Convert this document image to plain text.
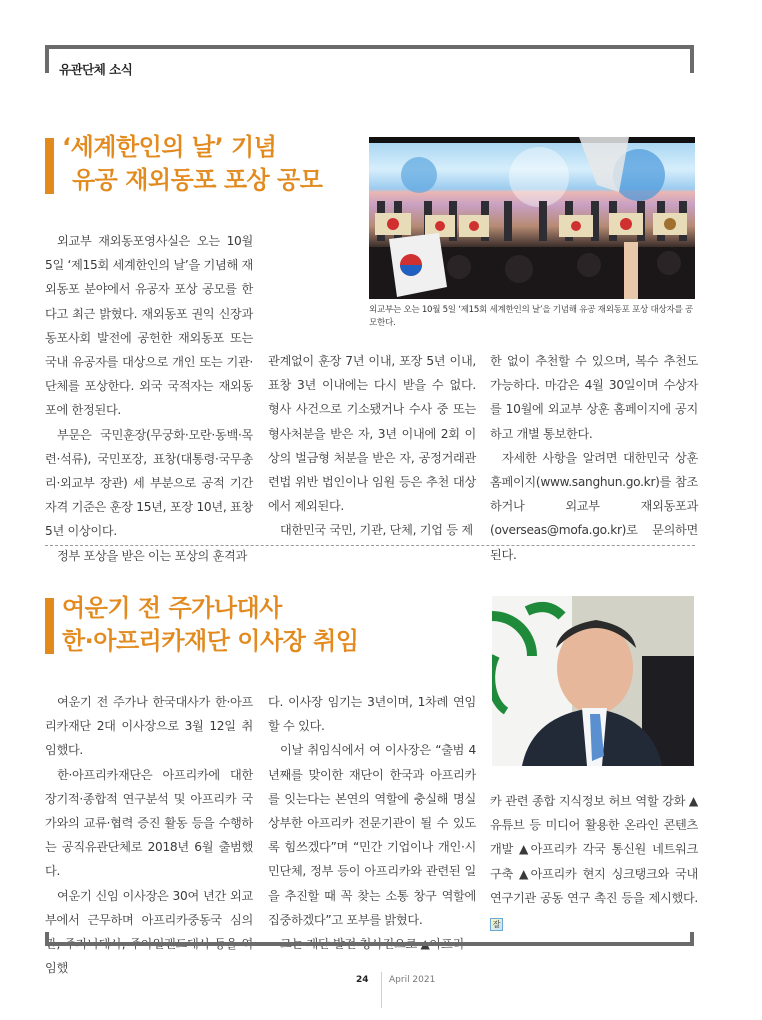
유관단체 소식
‘세계한인의 날’ 기념
유공 재외동포 포상 공모
외교부는 오는 10월 5일 ‘제15회 세계한인의 날’을 기념해 유공 재외동포 포상 대상자를 공모한다.

외교부 재외동포영사실은 오는 10월 5일 ‘제15회 세계한인의 날’을 기념해 재외동포 분야에서 유공자 포상 공모를 한다고 최근 밝혔다. 재외동포 권익 신장과 동포사회 발전에 공헌한 재외동포 또는 국내 유공자를 대상으로 개인 또는 기관·단체를 포상한다. 외국 국적자는 재외동포에 한정된다.

부문은 국민훈장(무궁화·모란·동백·목련·석류), 국민포장, 표창(대통령·국무총리·외교부 장관) 세 부분으로 공적 기간 자격 기준은 훈장 15년, 포장 10년, 표창 5년 이상이다.

정부 포상을 받은 이는 포상의 훈격과

관계없이 훈장 7년 이내, 포장 5년 이내, 표창 3년 이내에는 다시 받을 수 없다. 형사 사건으로 기소됐거나 수사 중 또는 형사처분을 받은 자, 3년 이내에 2회 이상의 벌금형 처분을 받은 자, 공정거래관련법 위반 법인이나 임원 등은 추천 대상에서 제외된다.

대한민국 국민, 기관, 단체, 기업 등 제

한 없이 추천할 수 있으며, 복수 추천도 가능하다. 마감은 4월 30일이며 수상자를 10월에 외교부 상훈 홈페이지에 공지하고 개별 통보한다.

자세한 사항을 알려면 대한민국 상훈 홈페이지(www.sanghun.go.kr)를 참조하거나 외교부 재외동포과(overseas@mofa.go.kr)로 문의하면 된다.

여운기 전 주가나대사
한·아프리카재단 이사장 취임

여운기 전 주가나 한국대사가 한·아프리카재단 2대 이사장으로 3월 12일 취임했다.

한·아프리카재단은 아프리카에 대한 장기적·종합적 연구분석 및 아프리카 국가와의 교류·협력 증진 활동 등을 수행하는 공직유관단체로 2018년 6월 출범했다.

여운기 신임 이사장은 30여 년간 외교부에서 근무하며 아프리카중동국 심의관, 주가나대사, 주아일랜드대사 등을 역임했

다. 이사장 임기는 3년이며, 1차례 연임할 수 있다.

이날 취임식에서 여 이사장은 “출범 4년째를 맞이한 재단이 한국과 아프리카를 잇는다는 본연의 역할에 충실해 명실상부한 아프리카 전문기관이 될 수 있도록 힘쓰겠다”며 “민간 기업이나 개인·시민단체, 정부 등이 아프리카와 관련된 일을 추진할 때 꼭 찾는 소통 창구 역할에 집중하겠다”고 포부를 밝혔다.

그는 재단 발전 청사진으로 ▲아프리

카 관련 종합 지식정보 허브 역할 강화 ▲유튜브 등 미디어 활용한 온라인 콘텐츠 개발 ▲아프리카 각국 통신원 네트워크 구축 ▲아프리카 현지 싱크탱크와 국내 연구기관 공동 연구 촉진 등을 제시했다. 잘

24 April 2021
